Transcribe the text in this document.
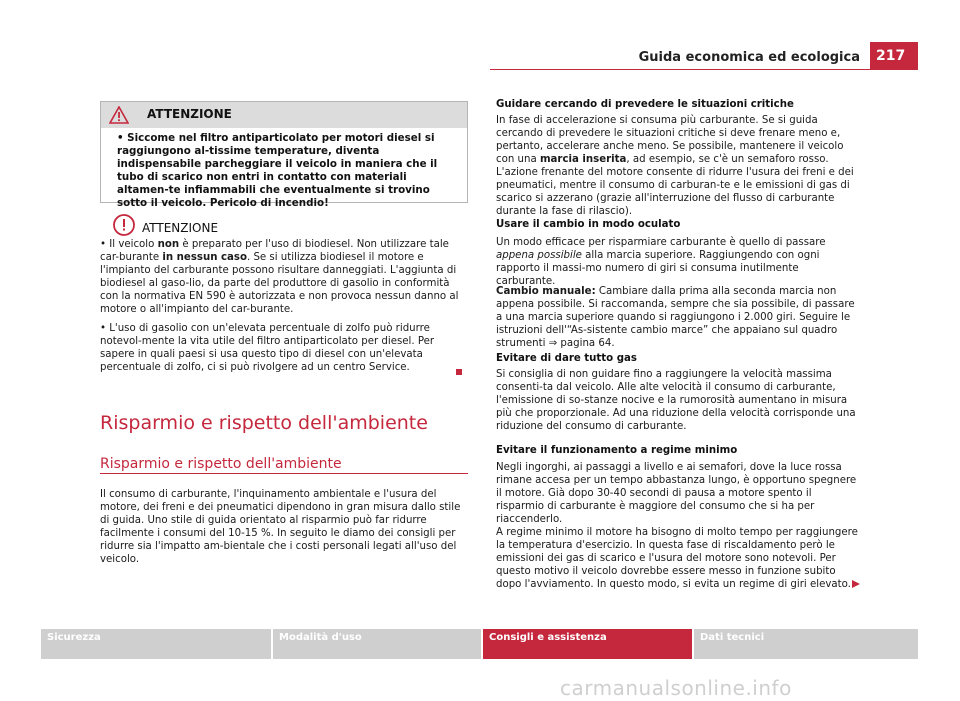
Guida economica ed ecologica	217
ATTENZIONE
• Siccome nel filtro antiparticolato per motori diesel si raggiungono al-tissime temperature, diventa indispensabile parcheggiare il veicolo in maniera che il tubo di scarico non entri in contatto con materiali altamen-te infiammabili che eventualmente si trovino sotto il veicolo. Pericolo di incendio!
ATTENZIONE
• Il veicolo non è preparato per l'uso di biodiesel. Non utilizzare tale car-burante in nessun caso. Se si utilizza biodiesel il motore e l'impianto del carburante possono risultare danneggiati. L'aggiunta di biodiesel al gaso-lio, da parte del produttore di gasolio in conformità con la normativa EN 590 è autorizzata e non provoca nessun danno al motore o all'impianto del car-burante.
• L'uso di gasolio con un'elevata percentuale di zolfo può ridurre notevol-mente la vita utile del filtro antiparticolato per diesel. Per sapere in quali paesi si usa questo tipo di diesel con un'elevata percentuale di zolfo, ci si può rivolgere ad un centro Service.
Risparmio e rispetto dell'ambiente
Risparmio e rispetto dell'ambiente
Il consumo di carburante, l'inquinamento ambientale e l'usura del motore, dei freni e dei pneumatici dipendono in gran misura dallo stile di guida. Uno stile di guida orientato al risparmio può far ridurre facilmente i consumi del 10-15 %. In seguito le diamo dei consigli per ridurre sia l'impatto am-bientale che i costi personali legati all'uso del veicolo.
Guidare cercando di prevedere le situazioni critiche
In fase di accelerazione si consuma più carburante. Se si guida cercando di prevedere le situazioni critiche si deve frenare meno e, pertanto, accelerare anche meno. Se possibile, mantenere il veicolo con una marcia inserita, ad esempio, se c'è un semaforo rosso. L'azione frenante del motore consente di ridurre l'usura dei freni e dei pneumatici, mentre il consumo di carburan-te e le emissioni di gas di scarico si azzerano (grazie all'interruzione del flusso di carburante durante la fase di rilascio).
Usare il cambio in modo oculato
Un modo efficace per risparmiare carburante è quello di passare appena possibile alla marcia superiore. Raggiungendo con ogni rapporto il massi-mo numero di giri si consuma inutilmente carburante.
Cambio manuale: Cambiare dalla prima alla seconda marcia non appena possibile. Si raccomanda, sempre che sia possibile, di passare a una marcia superiore quando si raggiungono i 2.000 giri. Seguire le istruzioni dell'“As-sistente cambio marce” che appaiano sul quadro strumenti ⇒ pagina 64.
Evitare di dare tutto gas
Si consiglia di non guidare fino a raggiungere la velocità massima consenti-ta dal veicolo. Alle alte velocità il consumo di carburante, l'emissione di so-stanze nocive e la rumorosità aumentano in misura più che proporzionale. Ad una riduzione della velocità corrisponde una riduzione del consumo di carburante.
Evitare il funzionamento a regime minimo
Negli ingorghi, ai passaggi a livello e ai semafori, dove la luce rossa rimane accesa per un tempo abbastanza lungo, è opportuno spegnere il motore. Già dopo 30-40 secondi di pausa a motore spento il risparmio di carburante è maggiore del consumo che si ha per riaccenderlo.
A regime minimo il motore ha bisogno di molto tempo per raggiungere la temperatura d'esercizio. In questa fase di riscaldamento però le emissioni dei gas di scarico e l'usura del motore sono notevoli. Per questo motivo il veicolo dovrebbe essere messo in funzione subito dopo l'avviamento. In questo modo, si evita un regime di giri elevato.
Sicurezza	Modalità d'uso	Consigli e assistenza	Dati tecnici
carmanualsonline.info
